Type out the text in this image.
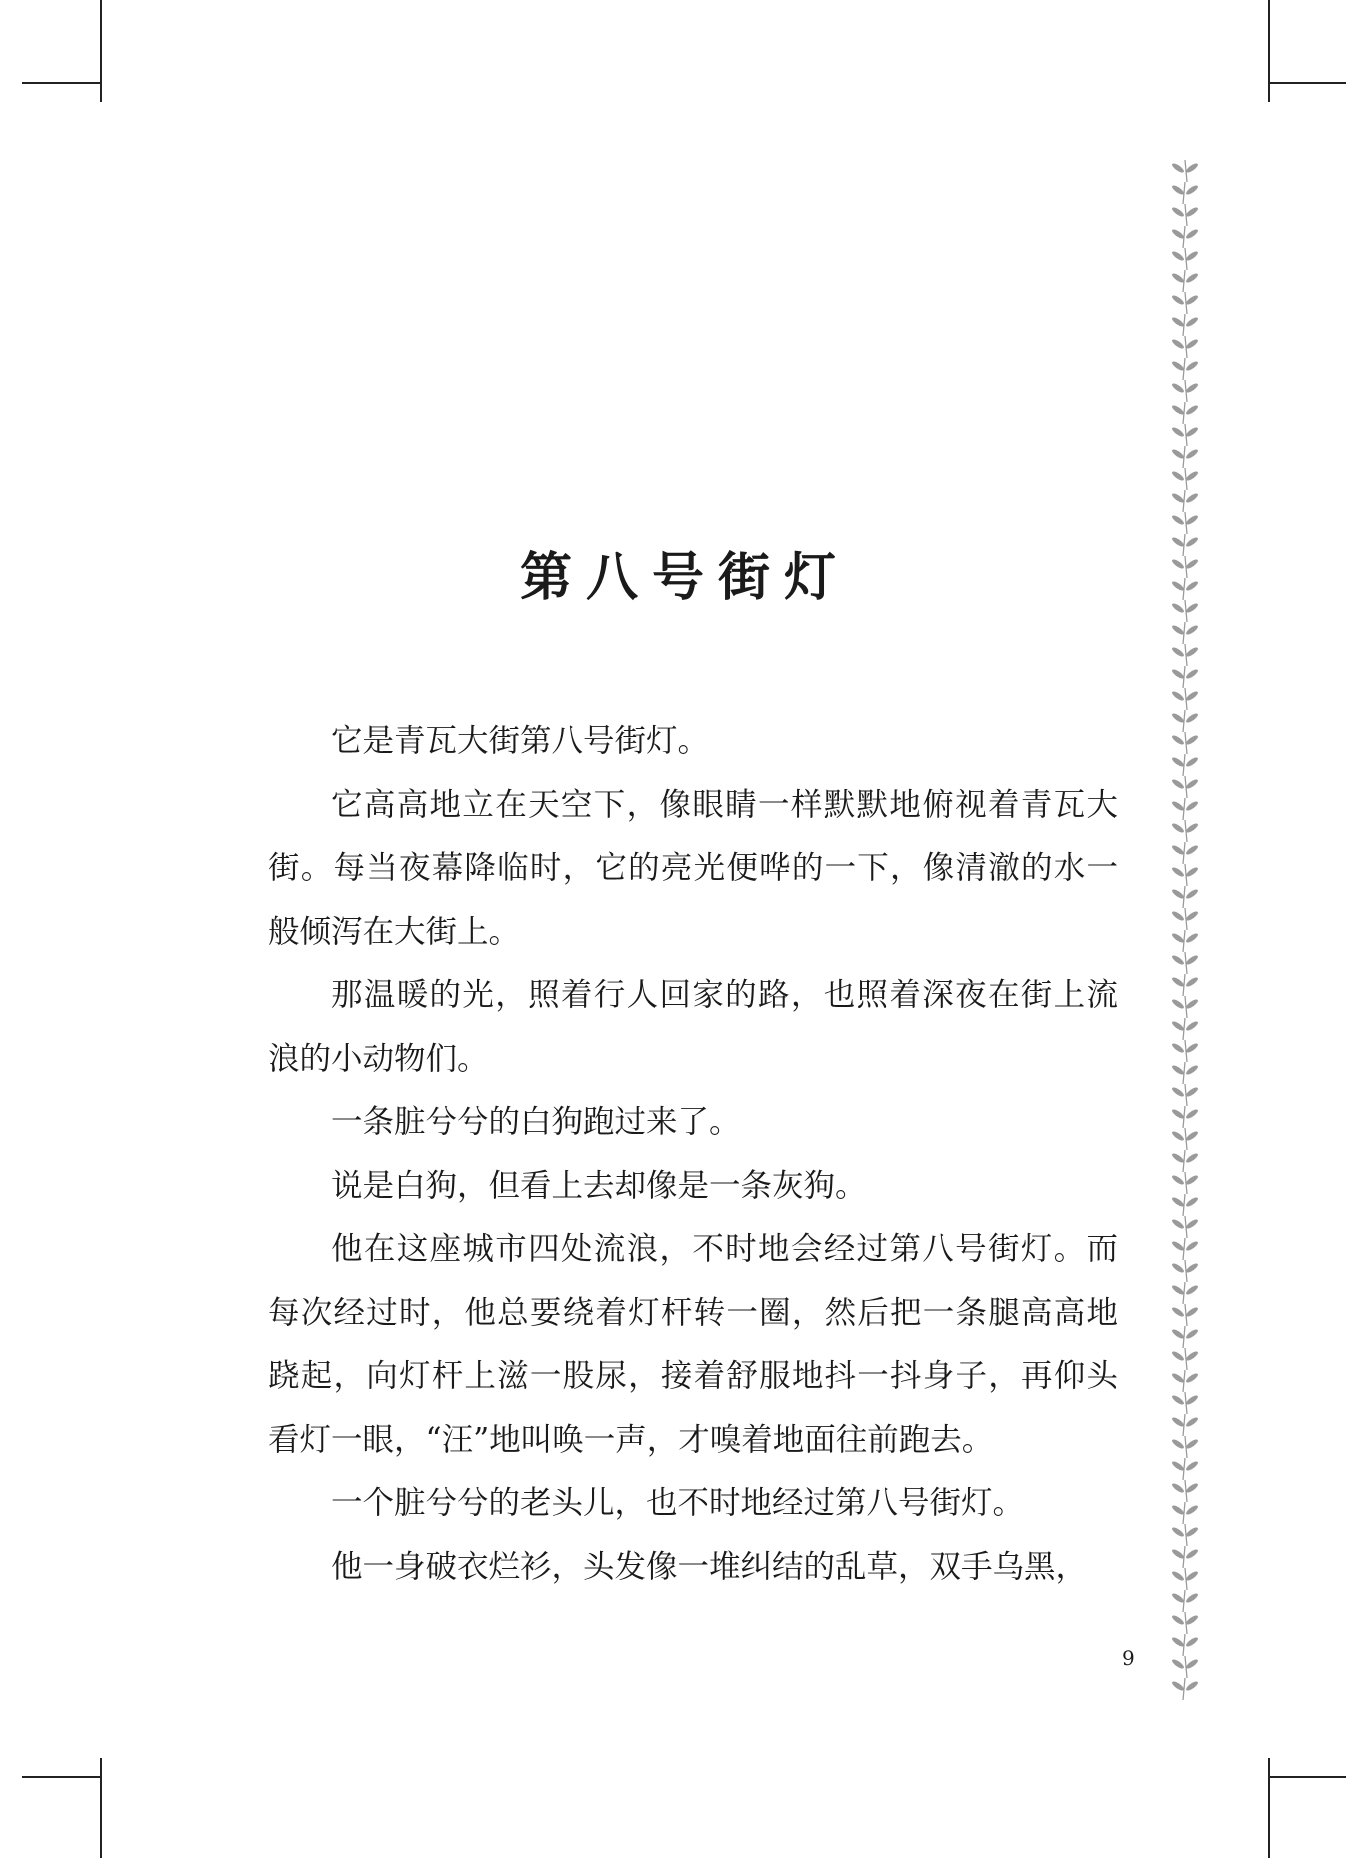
第八号街灯

它是青瓦大街第八号街灯。

它高高地立在天空下，像眼睛一样默默地俯视着青瓦大街。每当夜幕降临时，它的亮光便哗的一下，像清澈的水一般倾泻在大街上。

那温暖的光，照着行人回家的路，也照着深夜在街上流浪的小动物们。

一条脏兮兮的白狗跑过来了。

说是白狗，但看上去却像是一条灰狗。

他在这座城市四处流浪，不时地会经过第八号街灯。而每次经过时，他总要绕着灯杆转一圈，然后把一条腿高高地跷起，向灯杆上滋一股尿，接着舒服地抖一抖身子，再仰头看灯一眼，“汪”地叫唤一声，才嗅着地面往前跑去。

一个脏兮兮的老头儿，也不时地经过第八号街灯。

他一身破衣烂衫，头发像一堆纠结的乱草，双手乌黑，

9
